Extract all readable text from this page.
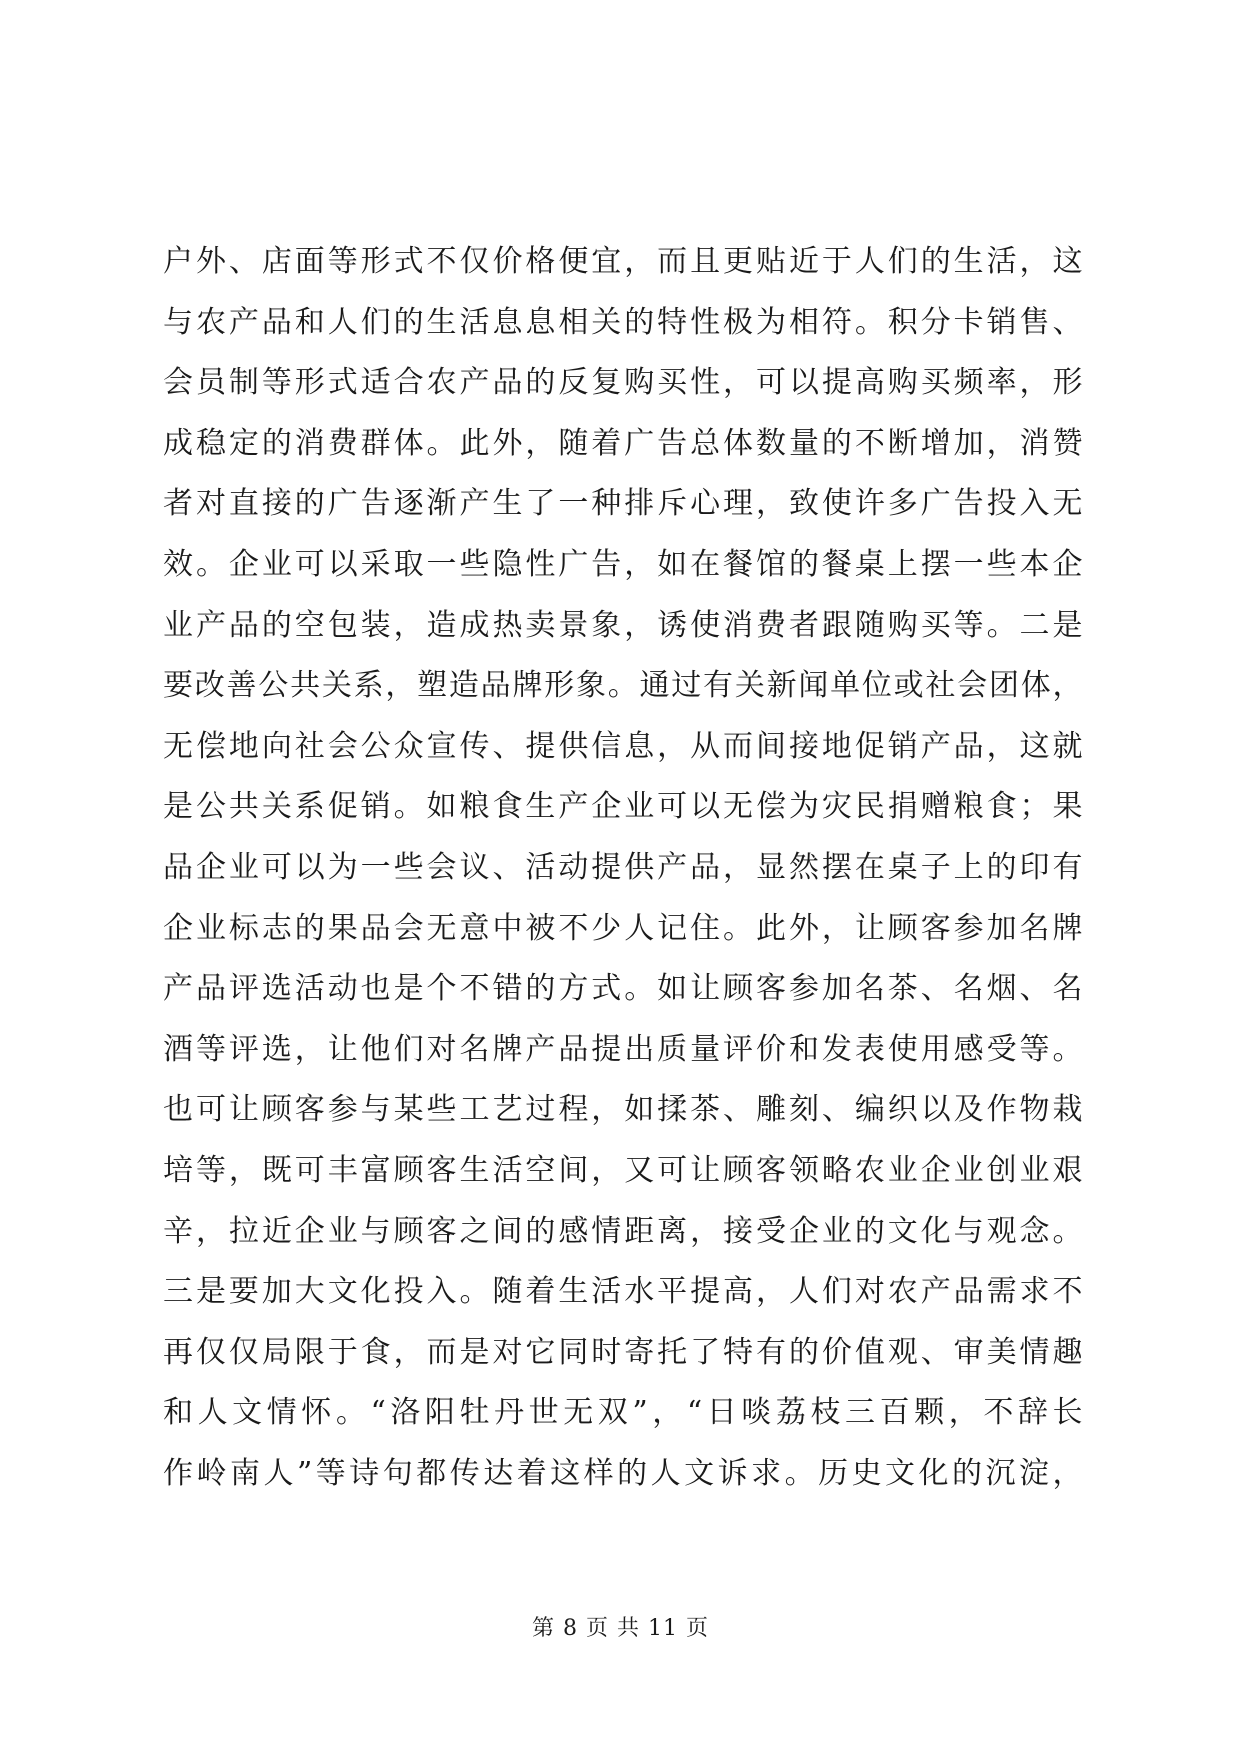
户外、店面等形式不仅价格便宜，而且更贴近于人们的生活，这
与农产品和人们的生活息息相关的特性极为相符。积分卡销售、
会员制等形式适合农产品的反复购买性，可以提高购买频率，形
成稳定的消费群体。此外，随着广告总体数量的不断增加，消赞
者对直接的广告逐渐产生了一种排斥心理，致使许多广告投入无
效。企业可以采取一些隐性广告，如在餐馆的餐桌上摆一些本企
业产品的空包装，造成热卖景象，诱使消费者跟随购买等。二是
要改善公共关系，塑造品牌形象。通过有关新闻单位或社会团体，
无偿地向社会公众宣传、提供信息，从而间接地促销产品，这就
是公共关系促销。如粮食生产企业可以无偿为灾民捐赠粮食；果
品企业可以为一些会议、活动提供产品，显然摆在桌子上的印有
企业标志的果品会无意中被不少人记住。此外，让顾客参加名牌
产品评选活动也是个不错的方式。如让顾客参加名茶、名烟、名
酒等评选，让他们对名牌产品提出质量评价和发表使用感受等。
也可让顾客参与某些工艺过程，如揉茶、雕刻、编织以及作物栽
培等，既可丰富顾客生活空间，又可让顾客领略农业企业创业艰
辛，拉近企业与顾客之间的感情距离，接受企业的文化与观念。
三是要加大文化投入。随着生活水平提高，人们对农产品需求不
再仅仅局限于食，而是对它同时寄托了特有的价值观、审美情趣
和人文情怀。“洛阳牡丹世无双”，“日啖荔枝三百颗，不辞长
作岭南人”等诗句都传达着这样的人文诉求。历史文化的沉淀，
第 8 页 共 11 页
